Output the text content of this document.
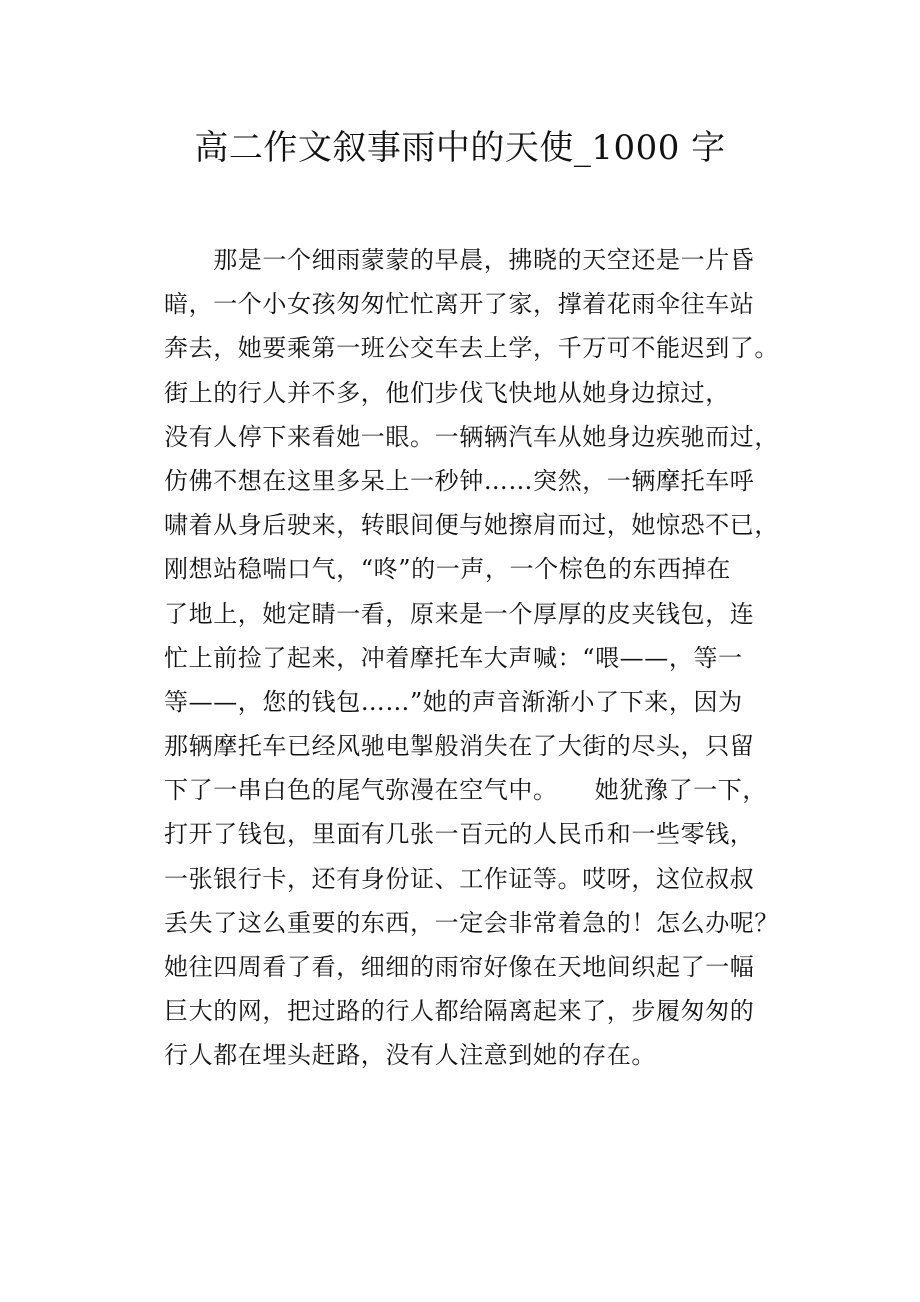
高二作文叙事雨中的天使_1000 字
　　那是一个细雨蒙蒙的早晨，拂晓的天空还是一片昏
暗，一个小女孩匆匆忙忙离开了家，撑着花雨伞往车站
奔去，她要乘第一班公交车去上学，千万可不能迟到了。
街上的行人并不多，他们步伐飞快地从她身边掠过，
没有人停下来看她一眼。一辆辆汽车从她身边疾驰而过，
仿佛不想在这里多呆上一秒钟……突然，一辆摩托车呼
啸着从身后驶来，转眼间便与她擦肩而过，她惊恐不已，
刚想站稳喘口气，“咚”的一声，一个棕色的东西掉在
了地上，她定睛一看，原来是一个厚厚的皮夹钱包，连
忙上前捡了起来，冲着摩托车大声喊：“喂——，等一
等——，您的钱包……”她的声音渐渐小了下来，因为
那辆摩托车已经风驰电掣般消失在了大街的尽头，只留
下了一串白色的尾气弥漫在空气中。　　她犹豫了一下，
打开了钱包，里面有几张一百元的人民币和一些零钱，
一张银行卡，还有身份证、工作证等。哎呀，这位叔叔
丢失了这么重要的东西，一定会非常着急的！怎么办呢？
她往四周看了看，细细的雨帘好像在天地间织起了一幅
巨大的网，把过路的行人都给隔离起来了，步履匆匆的
行人都在埋头赶路，没有人注意到她的存在。
